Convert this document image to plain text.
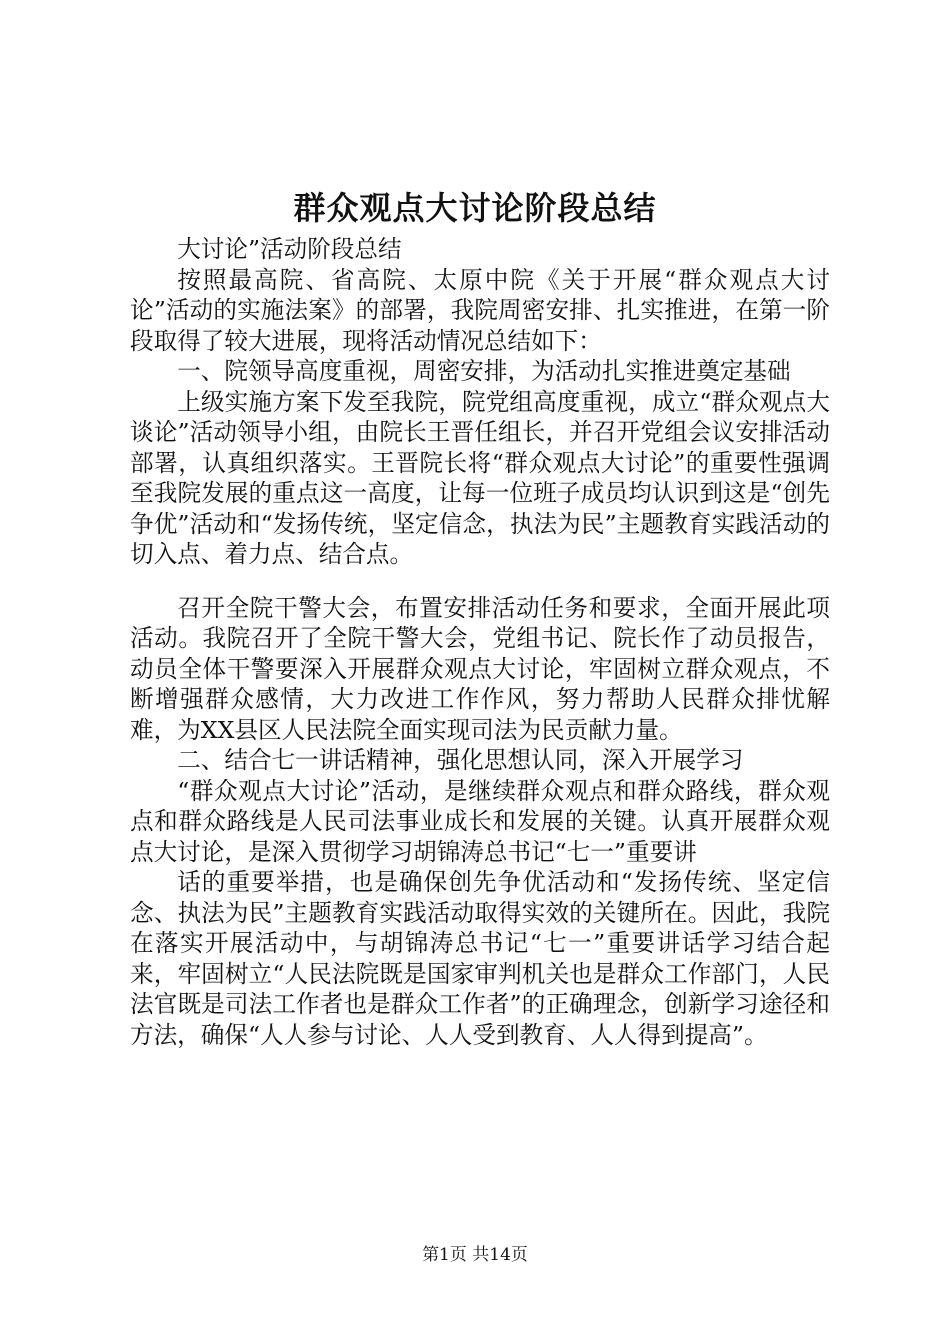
群众观点大讨论阶段总结

大讨论”活动阶段总结

按照最高院、省高院、太原中院《关于开展“群众观点大讨论”活动的实施法案》的部署，我院周密安排、扎实推进，在第一阶段取得了较大进展，现将活动情况总结如下：

一、院领导高度重视，周密安排，为活动扎实推进奠定基础

上级实施方案下发至我院，院党组高度重视，成立“群众观点大谈论”活动领导小组，由院长王晋任组长，并召开党组会议安排活动部署，认真组织落实。王晋院长将“群众观点大讨论”的重要性强调至我院发展的重点这一高度，让每一位班子成员均认识到这是“创先争优”活动和“发扬传统，坚定信念，执法为民”主题教育实践活动的切入点、着力点、结合点。

召开全院干警大会，布置安排活动任务和要求，全面开展此项活动。我院召开了全院干警大会，党组书记、院长作了动员报告，动员全体干警要深入开展群众观点大讨论，牢固树立群众观点，不断增强群众感情，大力改进工作作风，努力帮助人民群众排忧解难，为XX县区人民法院全面实现司法为民贡献力量。

二、结合七一讲话精神，强化思想认同，深入开展学习

“群众观点大讨论”活动，是继续群众观点和群众路线，群众观点和群众路线是人民司法事业成长和发展的关键。认真开展群众观点大讨论，是深入贯彻学习胡锦涛总书记“七一”重要讲

话的重要举措，也是确保创先争优活动和“发扬传统、坚定信念、执法为民”主题教育实践活动取得实效的关键所在。因此，我院在落实开展活动中，与胡锦涛总书记“七一”重要讲话学习结合起来，牢固树立“人民法院既是国家审判机关也是群众工作部门，人民法官既是司法工作者也是群众工作者”的正确理念，创新学习途径和方法，确保“人人参与讨论、人人受到教育、人人得到提高”。

第1页 共14页
